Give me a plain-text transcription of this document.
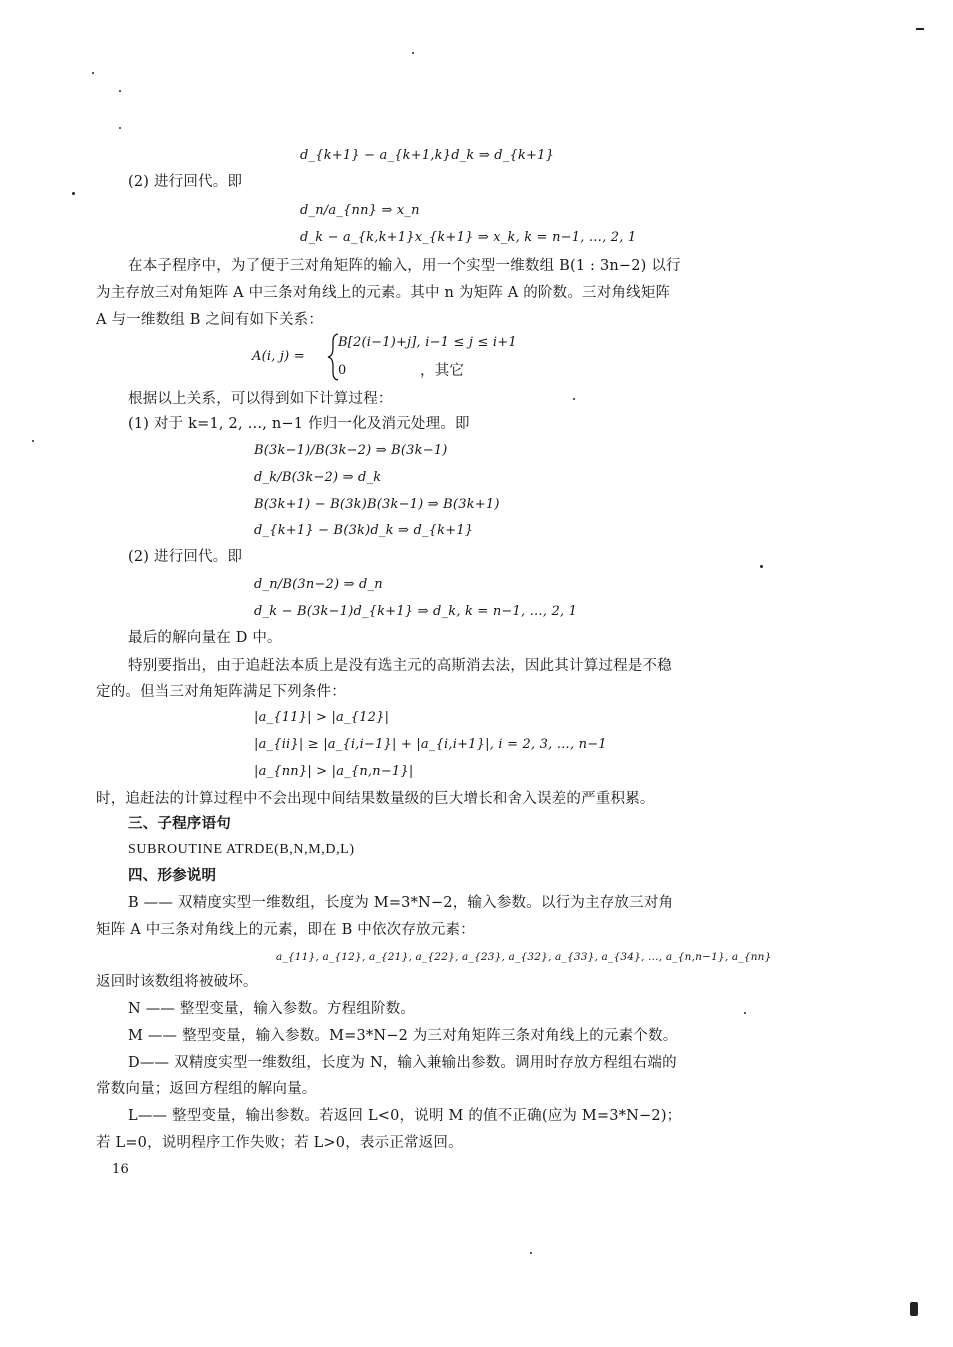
d_{k+1} − a_{k+1,k}d_k ⇒ d_{k+1}
(2) 进行回代。即
d_n/a_{nn} ⇒ x_n
d_k − a_{k,k+1}x_{k+1} ⇒ x_k, k = n−1, …, 2, 1
在本子程序中，为了便于三对角矩阵的输入，用一个实型一维数组 B(1 : 3n−2) 以行
为主存放三对角矩阵 A 中三条对角线上的元素。其中 n 为矩阵 A 的阶数。三对角线矩阵
A 与一维数组 B 之间有如下关系：
A(i, j) =
B[2(i−1)+j], i−1 ≤ j ≤ i+1
0	，其它
根据以上关系，可以得到如下计算过程：
(1) 对于 k=1, 2, …, n−1 作归一化及消元处理。即
B(3k−1)/B(3k−2) ⇒ B(3k−1)
d_k/B(3k−2) ⇒ d_k
B(3k+1) − B(3k)B(3k−1) ⇒ B(3k+1)
d_{k+1} − B(3k)d_k ⇒ d_{k+1}
(2) 进行回代。即
d_n/B(3n−2) ⇒ d_n
d_k − B(3k−1)d_{k+1} ⇒ d_k, k = n−1, …, 2, 1
最后的解向量在 D 中。
特别要指出，由于追赶法本质上是没有选主元的高斯消去法，因此其计算过程是不稳
定的。但当三对角矩阵满足下列条件：
|a_{11}| > |a_{12}|
|a_{ii}| ≥ |a_{i,i−1}| + |a_{i,i+1}|, i = 2, 3, …, n−1
|a_{nn}| > |a_{n,n−1}|
时，追赶法的计算过程中不会出现中间结果数量级的巨大增长和舍入误差的严重积累。
三、子程序语句
SUBROUTINE ATRDE(B,N,M,D,L)
四、形参说明
B —— 双精度实型一维数组，长度为 M=3*N−2，输入参数。以行为主存放三对角
矩阵 A 中三条对角线上的元素，即在 B 中依次存放元素：
a_{11}, a_{12}, a_{21}, a_{22}, a_{23}, a_{32}, a_{33}, a_{34}, …, a_{n,n−1}, a_{nn}
返回时该数组将被破坏。
N —— 整型变量，输入参数。方程组阶数。
M —— 整型变量，输入参数。M=3*N−2 为三对角矩阵三条对角线上的元素个数。
D—— 双精度实型一维数组，长度为 N，输入兼输出参数。调用时存放方程组右端的
常数向量；返回方程组的解向量。
L—— 整型变量，输出参数。若返回 L<0，说明 M 的值不正确(应为 M=3*N−2)；
若 L=0，说明程序工作失败；若 L>0，表示正常返回。
16
